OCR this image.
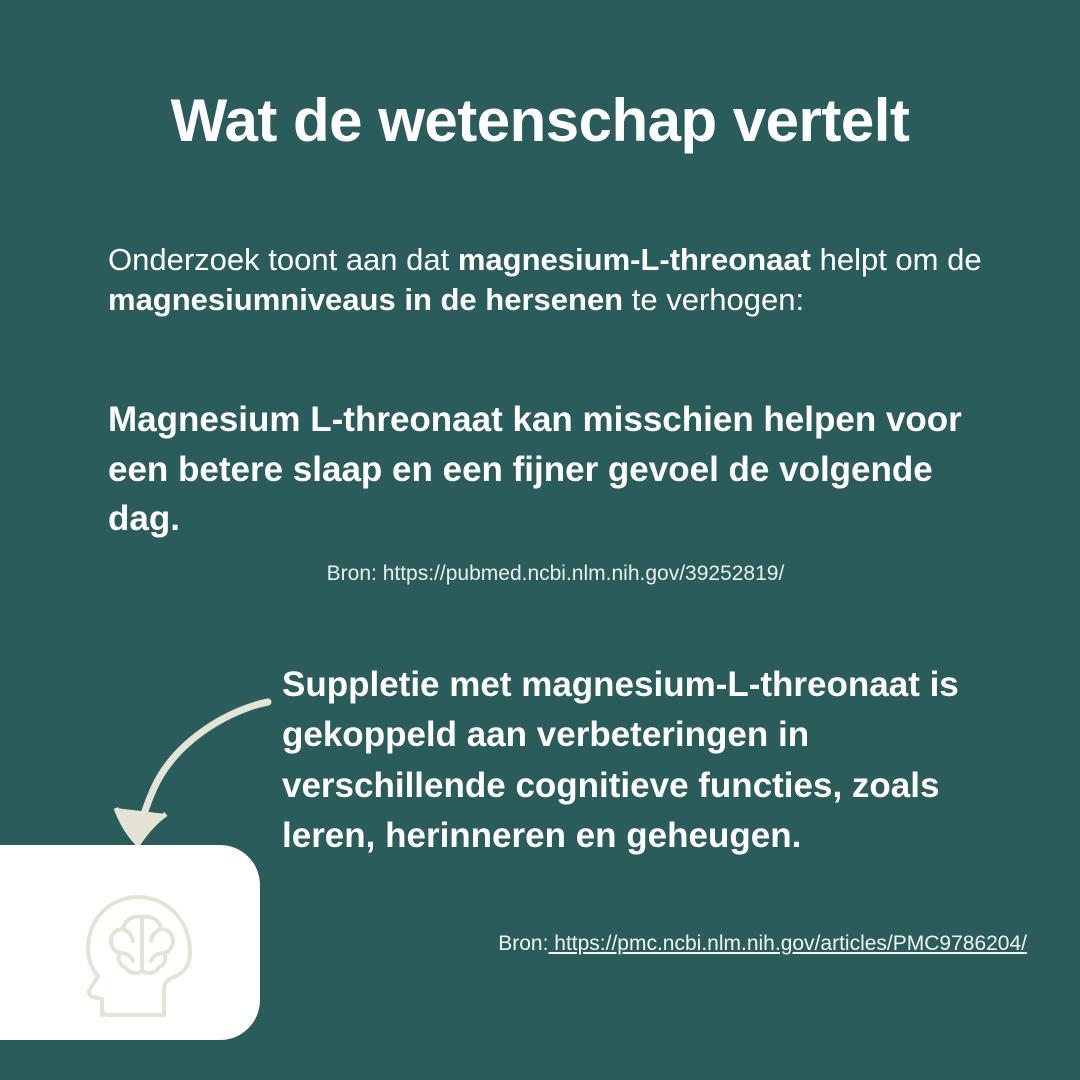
Wat de wetenschap vertelt
Onderzoek toont aan dat magnesium-L-threonaat helpt om de magnesiumniveaus in de hersenen te verhogen:
Magnesium L-threonaat kan misschien helpen voor een betere slaap en een fijner gevoel de volgende dag.
Bron: https://pubmed.ncbi.nlm.nih.gov/39252819/
Suppletie met magnesium-L-threonaat is gekoppeld aan verbeteringen in verschillende cognitieve functies, zoals leren, herinneren en geheugen.
Bron: https://pmc.ncbi.nlm.nih.gov/articles/PMC9786204/
